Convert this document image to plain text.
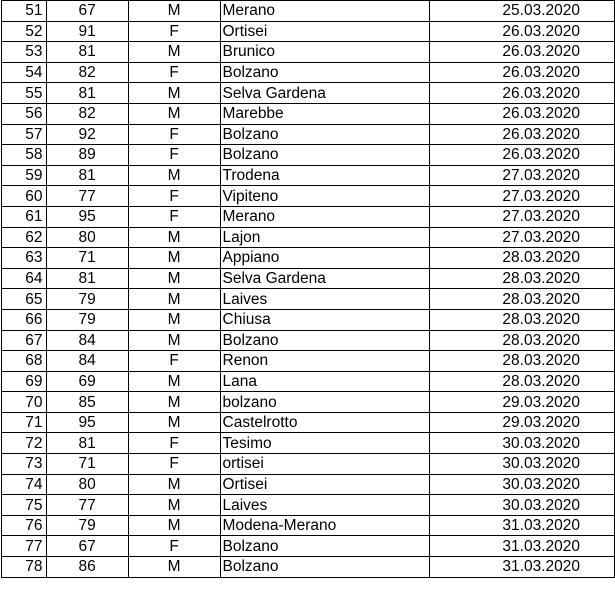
51	67	M	Merano	25.03.2020
52	91	F	Ortisei	26.03.2020
53	81	M	Brunico	26.03.2020
54	82	F	Bolzano	26.03.2020
55	81	M	Selva Gardena	26.03.2020
56	82	M	Marebbe	26.03.2020
57	92	F	Bolzano	26.03.2020
58	89	F	Bolzano	26.03.2020
59	81	M	Trodena	27.03.2020
60	77	F	Vipiteno	27.03.2020
61	95	F	Merano	27.03.2020
62	80	M	Lajon	27.03.2020
63	71	M	Appiano	28.03.2020
64	81	M	Selva Gardena	28.03.2020
65	79	M	Laives	28.03.2020
66	79	M	Chiusa	28.03.2020
67	84	M	Bolzano	28.03.2020
68	84	F	Renon	28.03.2020
69	69	M	Lana	28.03.2020
70	85	M	bolzano	29.03.2020
71	95	M	Castelrotto	29.03.2020
72	81	F	Tesimo	30.03.2020
73	71	F	ortisei	30.03.2020
74	80	M	Ortisei	30.03.2020
75	77	M	Laives	30.03.2020
76	79	M	Modena-Merano	31.03.2020
77	67	F	Bolzano	31.03.2020
78	86	M	Bolzano	31.03.2020
